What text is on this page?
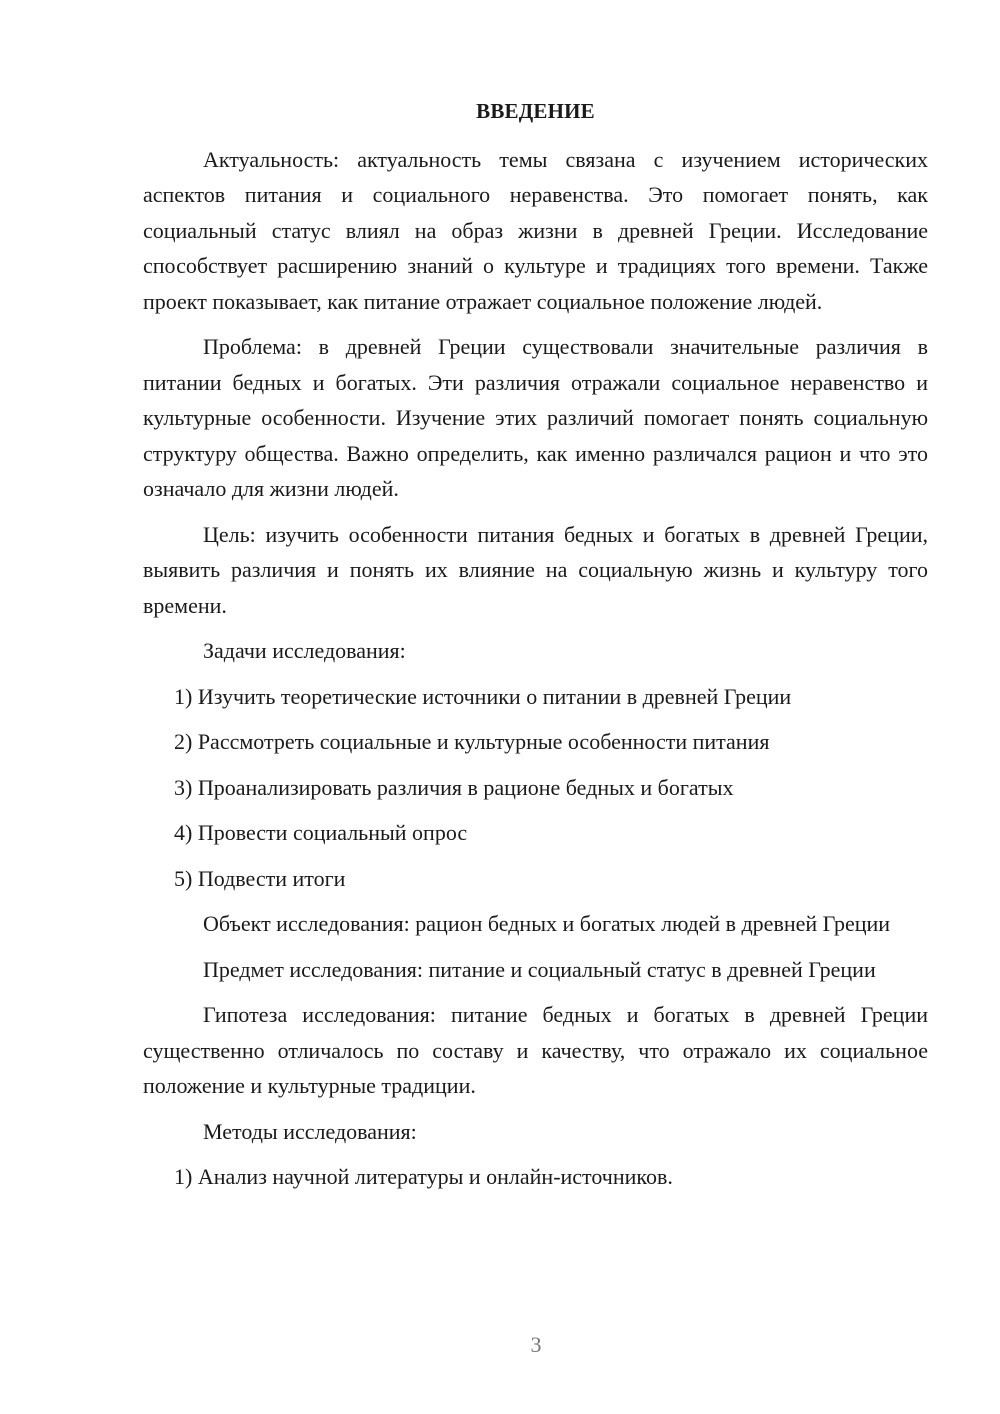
ВВЕДЕНИЕ

Актуальность: актуальность темы связана с изучением исторических аспектов питания и социального неравенства. Это помогает понять, как социальный статус влиял на образ жизни в древней Греции. Исследование способствует расширению знаний о культуре и традициях того времени. Также проект показывает, как питание отражает социальное положение людей.

Проблема: в древней Греции существовали значительные различия в питании бедных и богатых. Эти различия отражали социальное неравенство и культурные особенности. Изучение этих различий помогает понять социальную структуру общества. Важно определить, как именно различался рацион и что это означало для жизни людей.

Цель: изучить особенности питания бедных и богатых в древней Греции, выявить различия и понять их влияние на социальную жизнь и культуру того времени.

Задачи исследования:

1) Изучить теоретические источники о питании в древней Греции
2) Рассмотреть социальные и культурные особенности питания
3) Проанализировать различия в рационе бедных и богатых
4) Провести социальный опрос
5) Подвести итоги

Объект исследования: рацион бедных и богатых людей в древней Греции

Предмет исследования: питание и социальный статус в древней Греции

Гипотеза исследования: питание бедных и богатых в древней Греции существенно отличалось по составу и качеству, что отражало их социальное положение и культурные традиции.

Методы исследования:

1) Анализ научной литературы и онлайн-источников.
3
